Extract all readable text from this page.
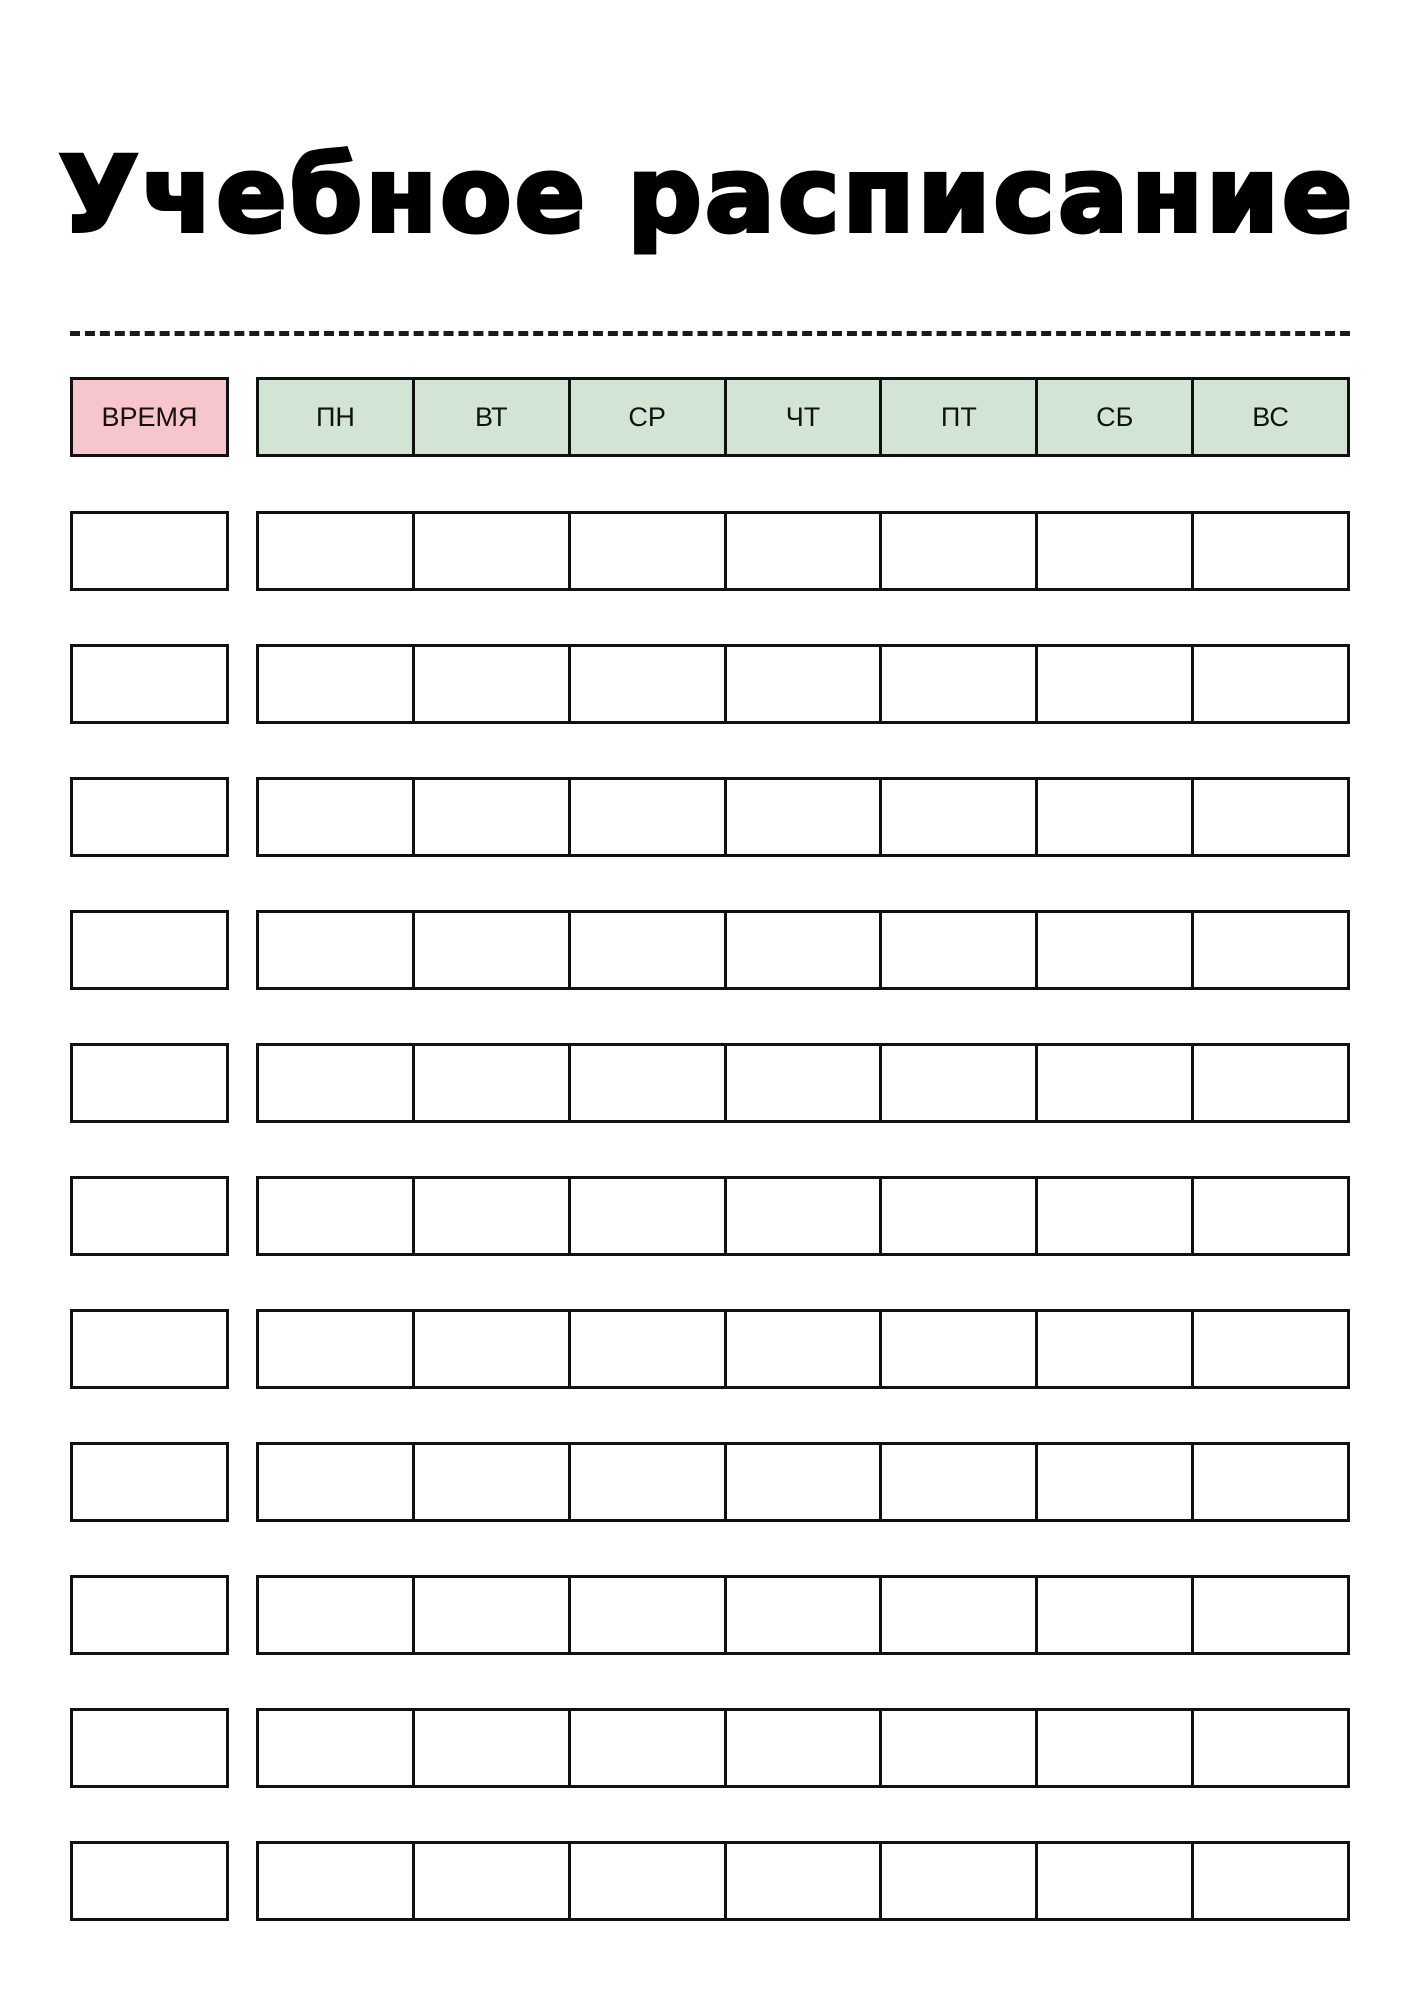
Учебное расписание
ВРЕМЯ	ПН	ВТ	СР	ЧТ	ПТ	СБ	ВС
